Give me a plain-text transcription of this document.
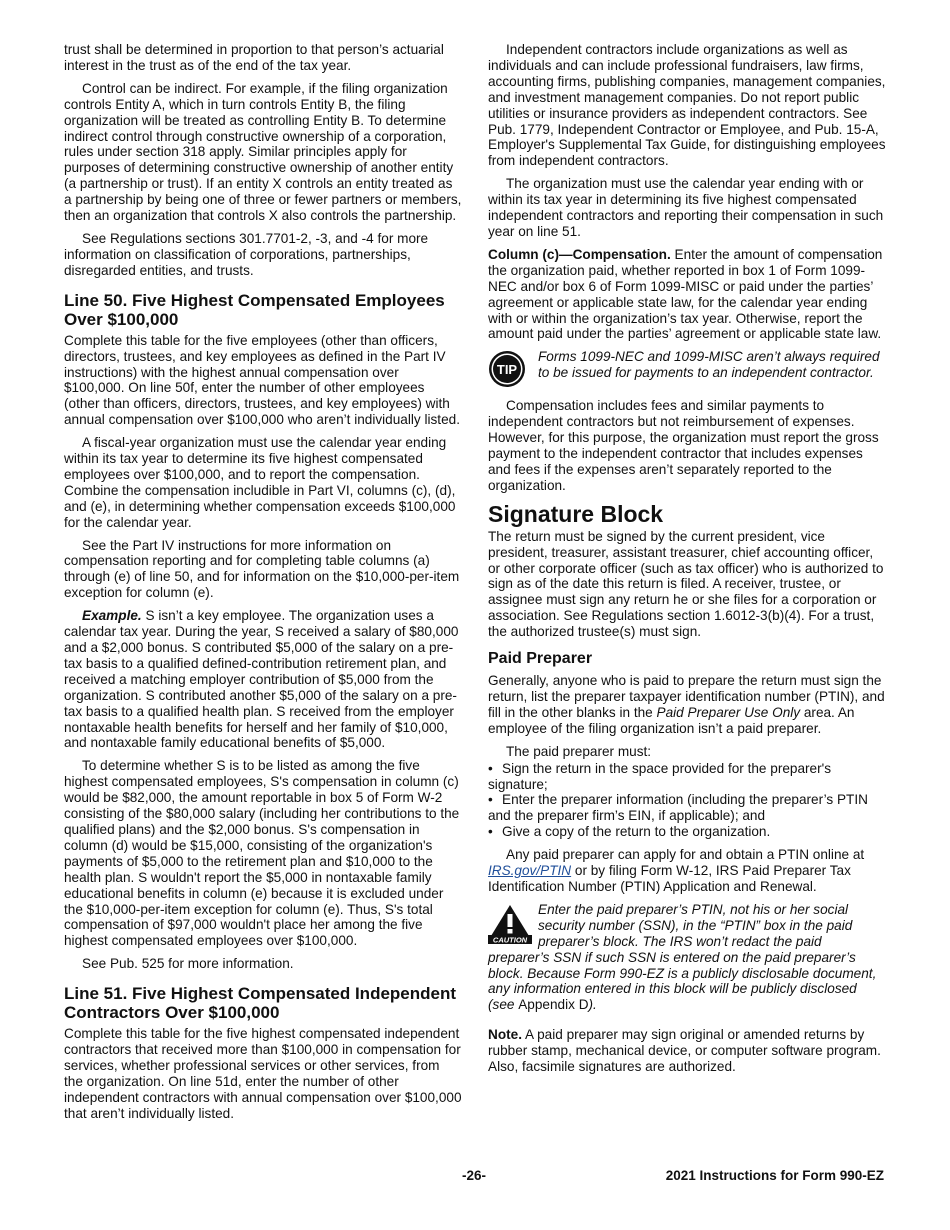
trust shall be determined in proportion to that person’s actuarial interest in the trust as of the end of the tax year.

Control can be indirect. For example, if the filing organization controls Entity A, which in turn controls Entity B, the filing organization will be treated as controlling Entity B. To determine indirect control through constructive ownership of a corporation, rules under section 318 apply. Similar principles apply for purposes of determining constructive ownership of another entity (a partnership or trust). If an entity X controls an entity treated as a partnership by being one of three or fewer partners or members, then an organization that controls X also controls the partnership.

See Regulations sections 301.7701-2, -3, and -4 for more information on classification of corporations, partnerships, disregarded entities, and trusts.

Line 50. Five Highest Compensated Employees Over $100,000

Complete this table for the five employees (other than officers, directors, trustees, and key employees as defined in the Part IV instructions) with the highest annual compensation over $100,000. On line 50f, enter the number of other employees (other than officers, directors, trustees, and key employees) with annual compensation over $100,000 who aren’t individually listed.

A fiscal-year organization must use the calendar year ending within its tax year to determine its five highest compensated employees over $100,000, and to report the compensation. Combine the compensation includible in Part VI, columns (c), (d), and (e), in determining whether compensation exceeds $100,000 for the calendar year.

See the Part IV instructions for more information on compensation reporting and for completing table columns (a) through (e) of line 50, and for information on the $10,000-per-item exception for column (e).

Example. S isn’t a key employee. The organization uses a calendar tax year. During the year, S received a salary of $80,000 and a $2,000 bonus. S contributed $5,000 of the salary on a pre-tax basis to a qualified defined-contribution retirement plan, and received a matching employer contribution of $5,000 from the organization. S contributed another $5,000 of the salary on a pre-tax basis to a qualified health plan. S received from the employer nontaxable health benefits for herself and her family of $10,000, and nontaxable family educational benefits of $5,000.

To determine whether S is to be listed as among the five highest compensated employees, S's compensation in column (c) would be $82,000, the amount reportable in box 5 of Form W-2 consisting of the $80,000 salary (including her contributions to the qualified plans) and the $2,000 bonus. S's compensation in column (d) would be $15,000, consisting of the organization's payments of $5,000 to the retirement plan and $10,000 to the health plan. S wouldn't report the $5,000 in nontaxable family educational benefits in column (e) because it is excluded under the $10,000-per-item exception for column (e). Thus, S's total compensation of $97,000 wouldn't place her among the five highest compensated employees over $100,000.

See Pub. 525 for more information.

Line 51. Five Highest Compensated Independent Contractors Over $100,000

Complete this table for the five highest compensated independent contractors that received more than $100,000 in compensation for services, whether professional services or other services, from the organization. On line 51d, enter the number of other independent contractors with annual compensation over $100,000 that aren’t individually listed.

Independent contractors include organizations as well as individuals and can include professional fundraisers, law firms, accounting firms, publishing companies, management companies, and investment management companies. Do not report public utilities or insurance providers as independent contractors. See Pub. 1779, Independent Contractor or Employee, and Pub. 15-A, Employer's Supplemental Tax Guide, for distinguishing employees from independent contractors.

The organization must use the calendar year ending with or within its tax year in determining its five highest compensated independent contractors and reporting their compensation in such year on line 51.

Column (c)—Compensation. Enter the amount of compensation the organization paid, whether reported in box 1 of Form 1099-NEC and/or box 6 of Form 1099-MISC or paid under the parties’ agreement or applicable state law, for the calendar year ending with or within the organization’s tax year. Otherwise, report the amount paid under the parties’ agreement or applicable state law.

TIP
Forms 1099-NEC and 1099-MISC aren’t always required to be issued for payments to an independent contractor.

Compensation includes fees and similar payments to independent contractors but not reimbursement of expenses. However, for this purpose, the organization must report the gross payment to the independent contractor that includes expenses and fees if the expenses aren’t separately reported to the organization.

Signature Block

The return must be signed by the current president, vice president, treasurer, assistant treasurer, chief accounting officer, or other corporate officer (such as tax officer) who is authorized to sign as of the date this return is filed. A receiver, trustee, or assignee must sign any return he or she files for a corporation or association. See Regulations section 1.6012-3(b)(4). For a trust, the authorized trustee(s) must sign.

Paid Preparer

Generally, anyone who is paid to prepare the return must sign the return, list the preparer taxpayer identification number (PTIN), and fill in the other blanks in the Paid Preparer Use Only area. An employee of the filing organization isn’t a paid preparer.

The paid preparer must:

• Sign the return in the space provided for the preparer's signature;
• Enter the preparer information (including the preparer’s PTIN and the preparer firm’s EIN, if applicable); and
• Give a copy of the return to the organization.

Any paid preparer can apply for and obtain a PTIN online at IRS.gov/PTIN or by filing Form W-12, IRS Paid Preparer Tax Identification Number (PTIN) Application and Renewal.

CAUTION
Enter the paid preparer’s PTIN, not his or her social security number (SSN), in the “PTIN” box in the paid preparer’s block. The IRS won’t redact the paid preparer’s SSN if such SSN is entered on the paid preparer’s block. Because Form 990-EZ is a publicly disclosable document, any information entered in this block will be publicly disclosed (see Appendix D).

Note. A paid preparer may sign original or amended returns by rubber stamp, mechanical device, or computer software program. Also, facsimile signatures are authorized.

-26-	2021 Instructions for Form 990-EZ
